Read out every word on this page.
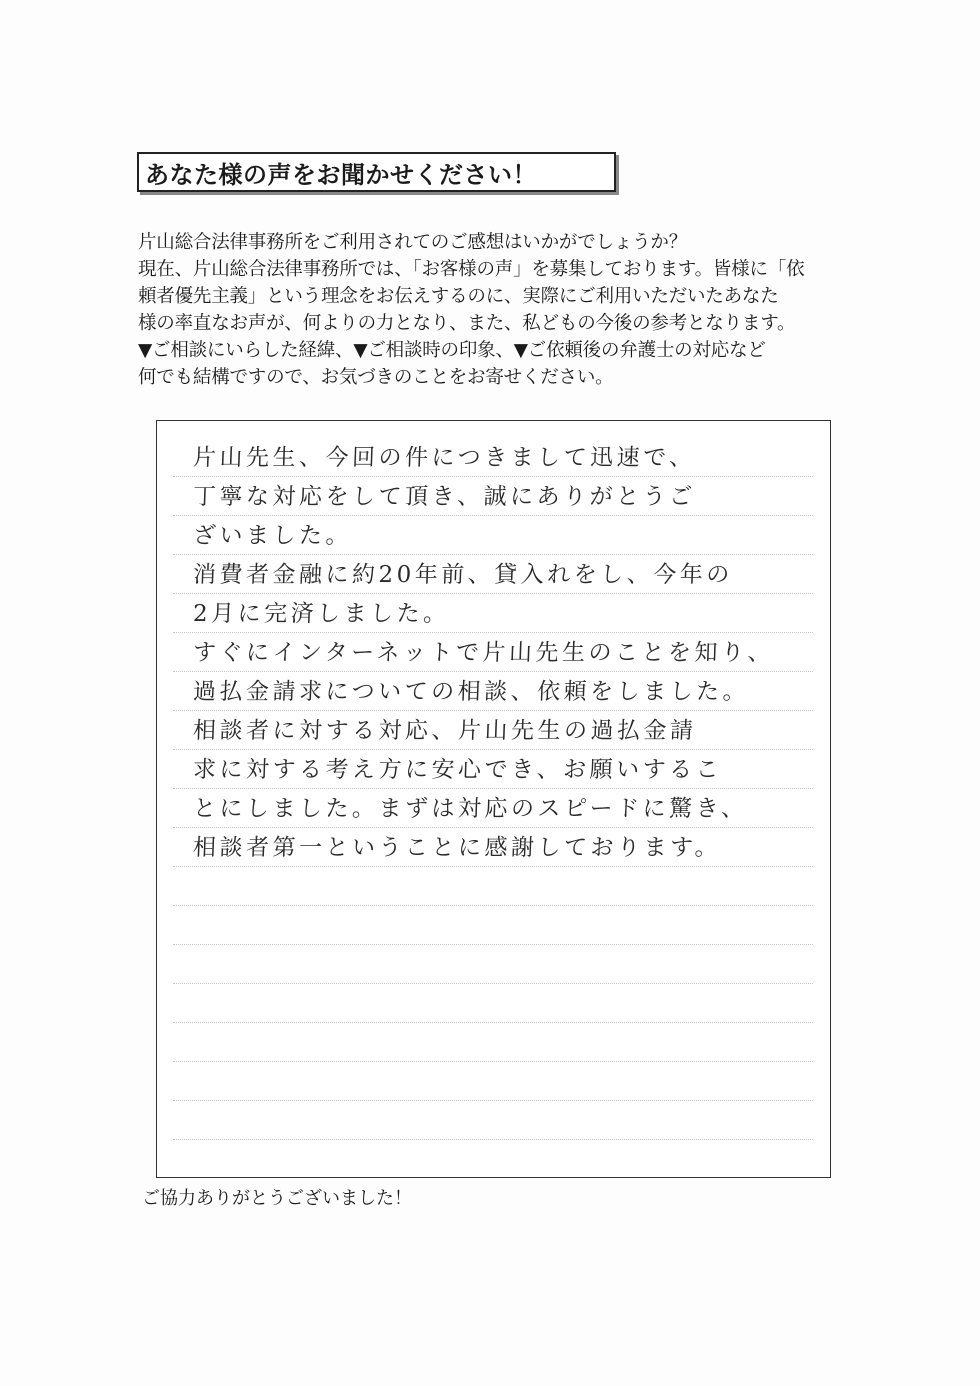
あなた様の声をお聞かせください！
片山総合法律事務所をご利用されてのご感想はいかがでしょうか？
現在、片山総合法律事務所では、「お客様の声」を募集しております。皆様に「依
頼者優先主義」という理念をお伝えするのに、実際にご利用いただいたあなた
様の率直なお声が、何よりの力となり、また、私どもの今後の参考となります。
▼ご相談にいらした経緯、▼ご相談時の印象、▼ご依頼後の弁護士の対応など
何でも結構ですので、お気づきのことをお寄せください。
片山先生、今回の件につきまして迅速で、
丁寧な対応をして頂き、誠にありがとうご
ざいました。
消費者金融に約20年前、貸入れをし、今年の
2月に完済しました。
すぐにインターネットで片山先生のことを知り、
過払金請求についての相談、依頼をしました。
相談者に対する対応、片山先生の過払金請
求に対する考え方に安心でき、お願いするこ
とにしました。まずは対応のスピードに驚き、
相談者第一ということに感謝しております。
ご協力ありがとうございました！
